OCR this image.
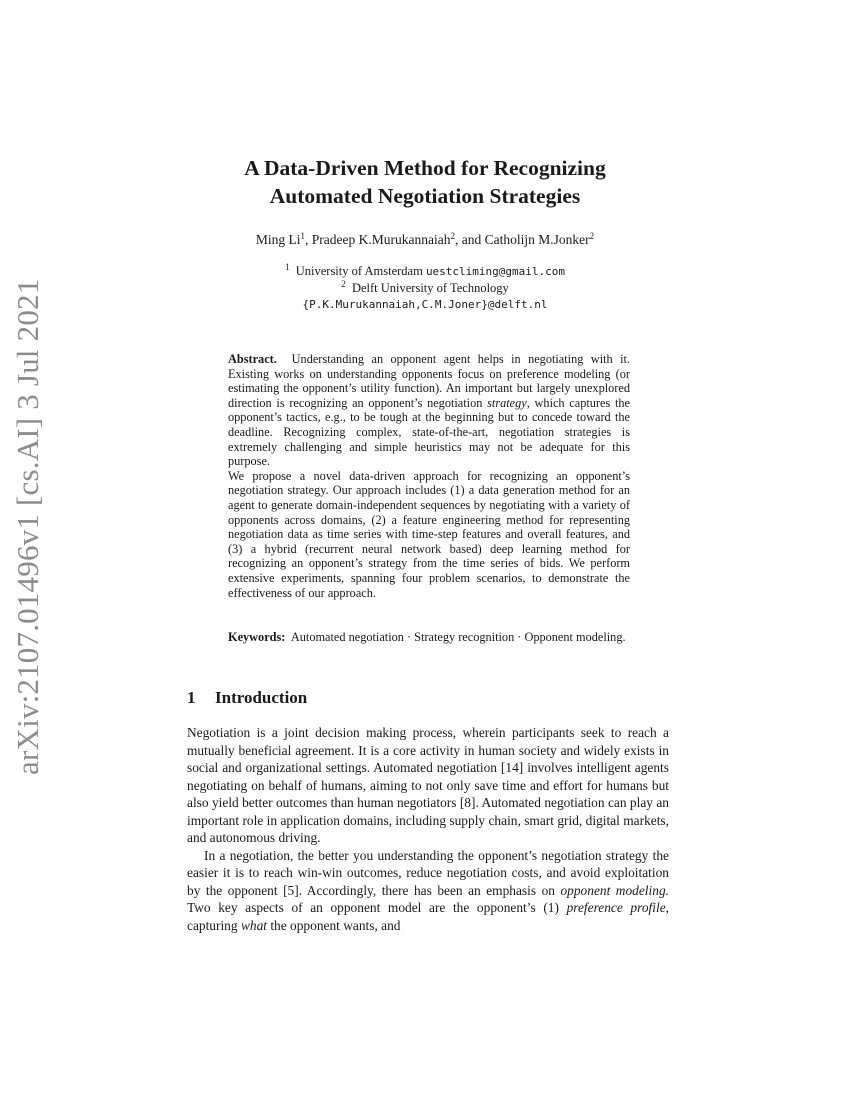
arXiv:2107.01496v1 [cs.AI] 3 Jul 2021
A Data-Driven Method for Recognizing
Automated Negotiation Strategies
Ming Li$^1$, Pradeep K.Murukannaiah$^2$, and Catholijn M.Jonker$^2$
$^1$ University of Amsterdam uestcliming@gmail.com
$^2$ Delft University of Technology
{P.K.Murukannaiah,C.M.Joner}@delft.nl

Abstract. Understanding an opponent agent helps in negotiating with it. Existing works on understanding opponents focus on preference modeling (or estimating the opponent’s utility function). An important but largely unexplored direction is recognizing an opponent’s negotiation strategy, which captures the opponent’s tactics, e.g., to be tough at the beginning but to concede toward the deadline. Recognizing complex, state-of-the-art, negotiation strategies is extremely challenging and simple heuristics may not be adequate for this purpose.

We propose a novel data-driven approach for recognizing an opponent’s negotiation strategy. Our approach includes (1) a data generation method for an agent to generate domain-independent sequences by negotiating with a variety of opponents across domains, (2) a feature engineering method for representing negotiation data as time series with time-step features and overall features, and (3) a hybrid (recurrent neural network based) deep learning method for recognizing an opponent’s strategy from the time series of bids. We perform extensive experiments, spanning four problem scenarios, to demonstrate the effectiveness of our approach.

Keywords: Automated negotiation · Strategy recognition · Opponent modeling.
1 Introduction

Negotiation is a joint decision making process, wherein participants seek to reach a mutually beneficial agreement. It is a core activity in human society and widely exists in social and organizational settings. Automated negotiation [14] involves intelligent agents negotiating on behalf of humans, aiming to not only save time and effort for humans but also yield better outcomes than human negotiators [8]. Automated negotiation can play an important role in application domains, including supply chain, smart grid, digital markets, and autonomous driving.

In a negotiation, the better you understanding the opponent’s negotiation strategy the easier it is to reach win-win outcomes, reduce negotiation costs, and avoid exploitation by the opponent [5]. Accordingly, there has been an emphasis on opponent modeling. Two key aspects of an opponent model are the opponent’s (1) preference profile, capturing what the opponent wants, and
